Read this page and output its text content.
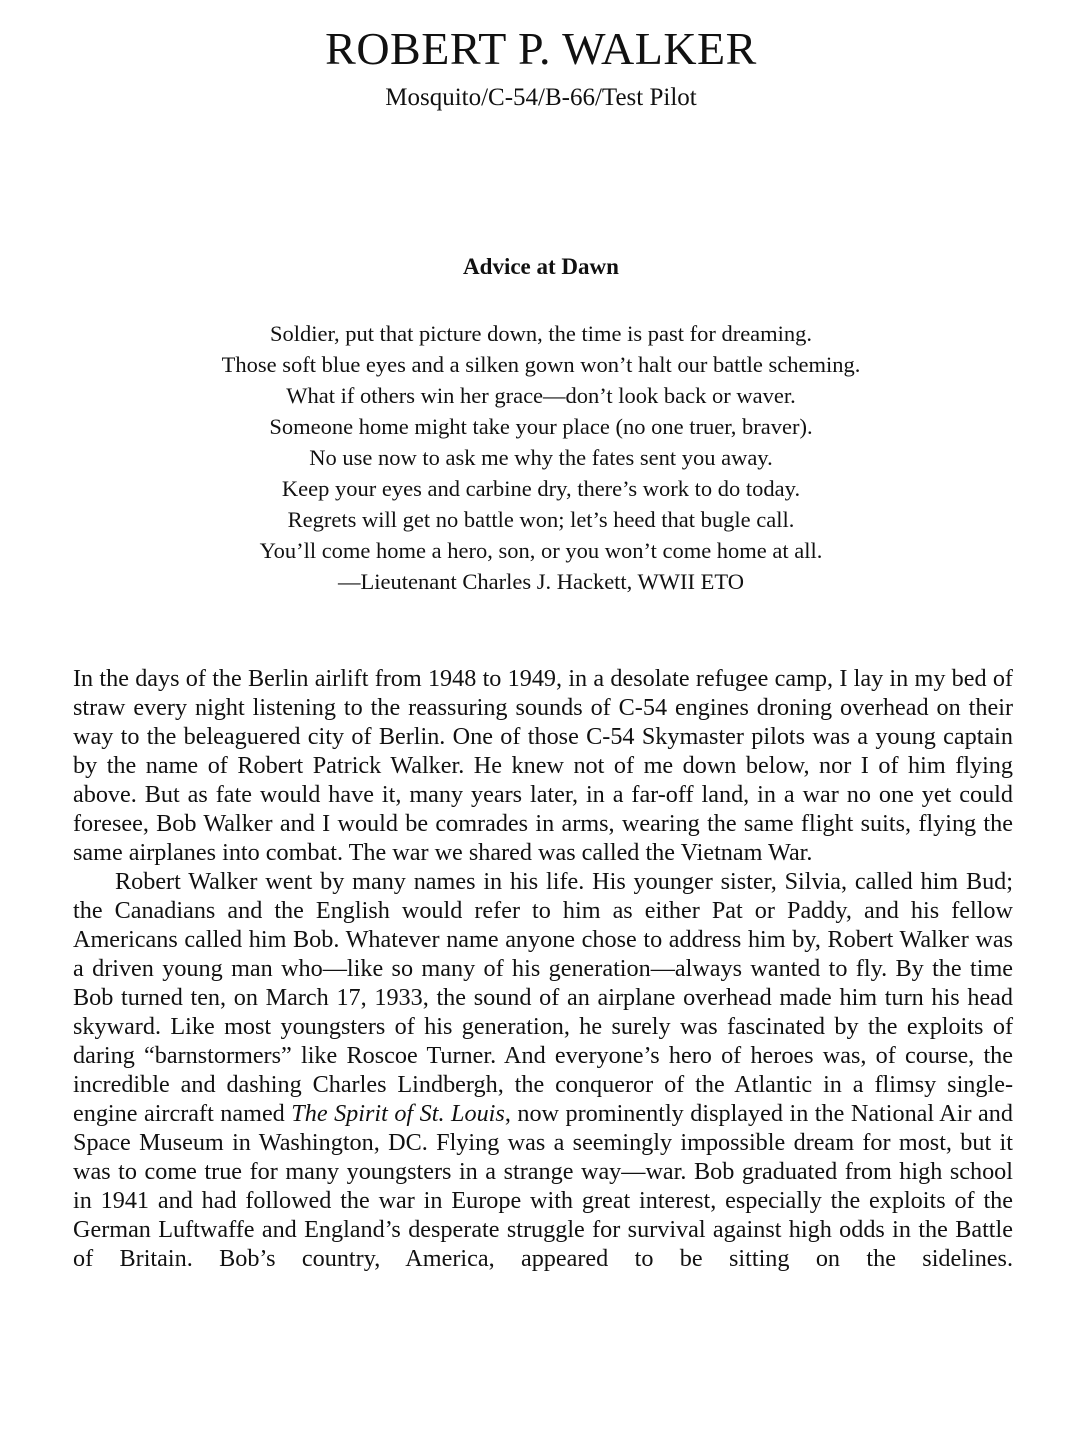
ROBERT P. WALKER
Mosquito/C-54/B-66/Test Pilot
Advice at Dawn
Soldier, put that picture down, the time is past for dreaming.
Those soft blue eyes and a silken gown won’t halt our battle scheming.
What if others win her grace—don’t look back or waver.
Someone home might take your place (no one truer, braver).
No use now to ask me why the fates sent you away.
Keep your eyes and carbine dry, there’s work to do today.
Regrets will get no battle won; let’s heed that bugle call.
You’ll come home a hero, son, or you won’t come home at all.
—Lieutenant Charles J. Hackett, WWII ETO

In the days of the Berlin airlift from 1948 to 1949, in a desolate refugee camp, I lay in my bed of straw every night listening to the reassuring sounds of C-54 engines droning overhead on their way to the beleaguered city of Berlin. One of those C-54 Skymaster pilots was a young captain by the name of Robert Patrick Walker. He knew not of me down below, nor I of him flying above. But as fate would have it, many years later, in a far-off land, in a war no one yet could foresee, Bob Walker and I would be comrades in arms, wearing the same flight suits, flying the same airplanes into combat. The war we shared was called the Vietnam War.

Robert Walker went by many names in his life. His younger sister, Silvia, called him Bud; the Canadians and the English would refer to him as either Pat or Paddy, and his fellow Americans called him Bob. Whatever name anyone chose to address him by, Robert Walker was a driven young man who—like so many of his generation—always wanted to fly. By the time Bob turned ten, on March 17, 1933, the sound of an airplane overhead made him turn his head skyward. Like most youngsters of his generation, he surely was fascinated by the exploits of daring “barnstormers” like Roscoe Turner. And everyone’s hero of heroes was, of course, the incredible and dashing Charles Lindbergh, the conqueror of the Atlantic in a flimsy single-engine aircraft named The Spirit of St. Louis, now prominently displayed in the National Air and Space Museum in Washington, DC. Flying was a seemingly impossible dream for most, but it was to come true for many youngsters in a strange way—war. Bob graduated from high school in 1941 and had followed the war in Europe with great interest, especially the exploits of the German Luftwaffe and England’s desperate struggle for survival against high odds in the Battle of Britain. Bob’s country, America, appeared to be sitting on the sidelines.
